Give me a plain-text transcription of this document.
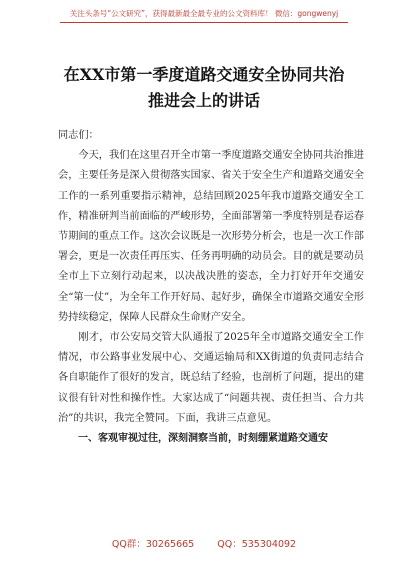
关注头条号“公文研究”，获得最新最全最专业的公文资料库！ 微信：gongwenyj
在XX市第一季度道路交通安全协同共治
推进会上的讲话

同志们：

今天，我们在这里召开全市第一季度道路交通安全协同共治推进会，主要任务是深入贯彻落实国家、省关于安全生产和道路交通安全工作的一系列重要指示精神，总结回顾2025年我市道路交通安全工作，精准研判当前面临的严峻形势，全面部署第一季度特别是春运春节期间的重点工作。这次会议既是一次形势分析会，也是一次工作部署会，更是一次责任再压实、任务再明确的动员会。目的就是要动员全市上下立刻行动起来，以决战决胜的姿态，全力打好开年交通安全“第一仗”，为全年工作开好局、起好步，确保全市道路交通安全形势持续稳定，保障人民群众生命财产安全。

刚才，市公安局交管大队通报了2025年全市道路交通安全工作情况，市公路事业发展中心、交通运输局和XX街道的负责同志结合各自职能作了很好的发言，既总结了经验，也剖析了问题，提出的建议很有针对性和操作性。大家达成了“问题共视、责任担当、合力共治”的共识，我完全赞同。下面，我讲三点意见。

一、客观审视过往，深刻洞察当前，时刻绷紧道路交通安

QQ群：30265665 QQ：535304092
